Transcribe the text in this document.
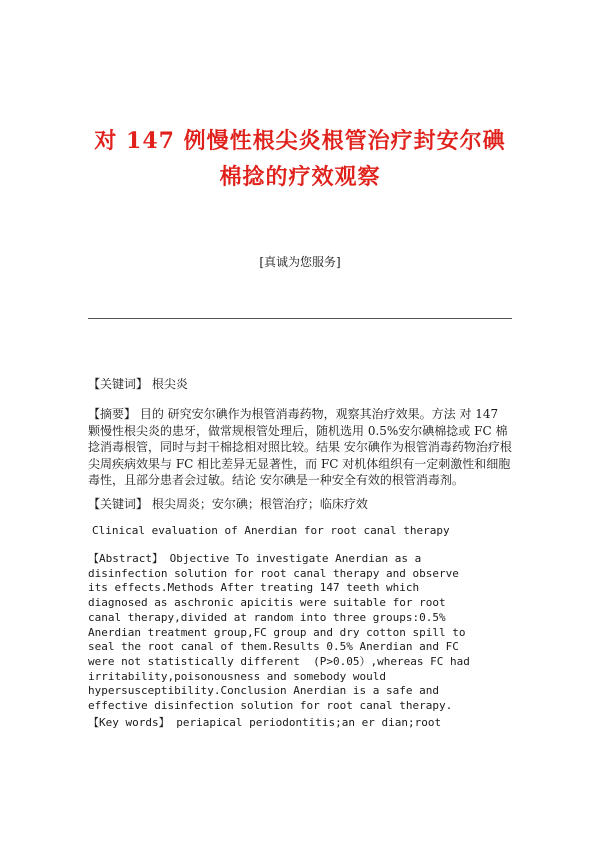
对 147 例慢性根尖炎根管治疗封安尔碘
棉捻的疗效观察
[真诚为您服务]

【关键词】 根尖炎

【摘要】 目的 研究安尔碘作为根管消毒药物，观察其治疗效果。方法 对 147 颗慢性根尖炎的患牙，做常规根管处理后，随机选用 0.5%安尔碘棉捻或 FC 棉捻消毒根管，同时与封干棉捻相对照比较。结果 安尔碘作为根管消毒药物治疗根尖周疾病效果与 FC 相比差异无显著性，而 FC 对机体组织有一定刺激性和细胞毒性，且部分患者会过敏。结论 安尔碘是一种安全有效的根管消毒剂。

【关键词】 根尖周炎；安尔碘；根管治疗；临床疗效

Clinical evaluation of Anerdian for root canal therapy

【Abstract】 Objective To investigate Anerdian as a
disinfection solution for root canal therapy and observe
its effects.Methods After treating 147 teeth which
diagnosed as aschronic apicitis were suitable for root
canal therapy,divided at random into three groups:0.5%
Anerdian treatment group,FC group and dry cotton spill to
seal the root canal of them.Results 0.5% Anerdian and FC
were not statistically different  (P>0.05）,whereas FC had
irritability,poisonousness and somebody would
hypersusceptibility.Conclusion Anerdian is a safe and
effective disinfection solution for root canal therapy.
【Key words】 periapical periodontitis;an er dian;root
